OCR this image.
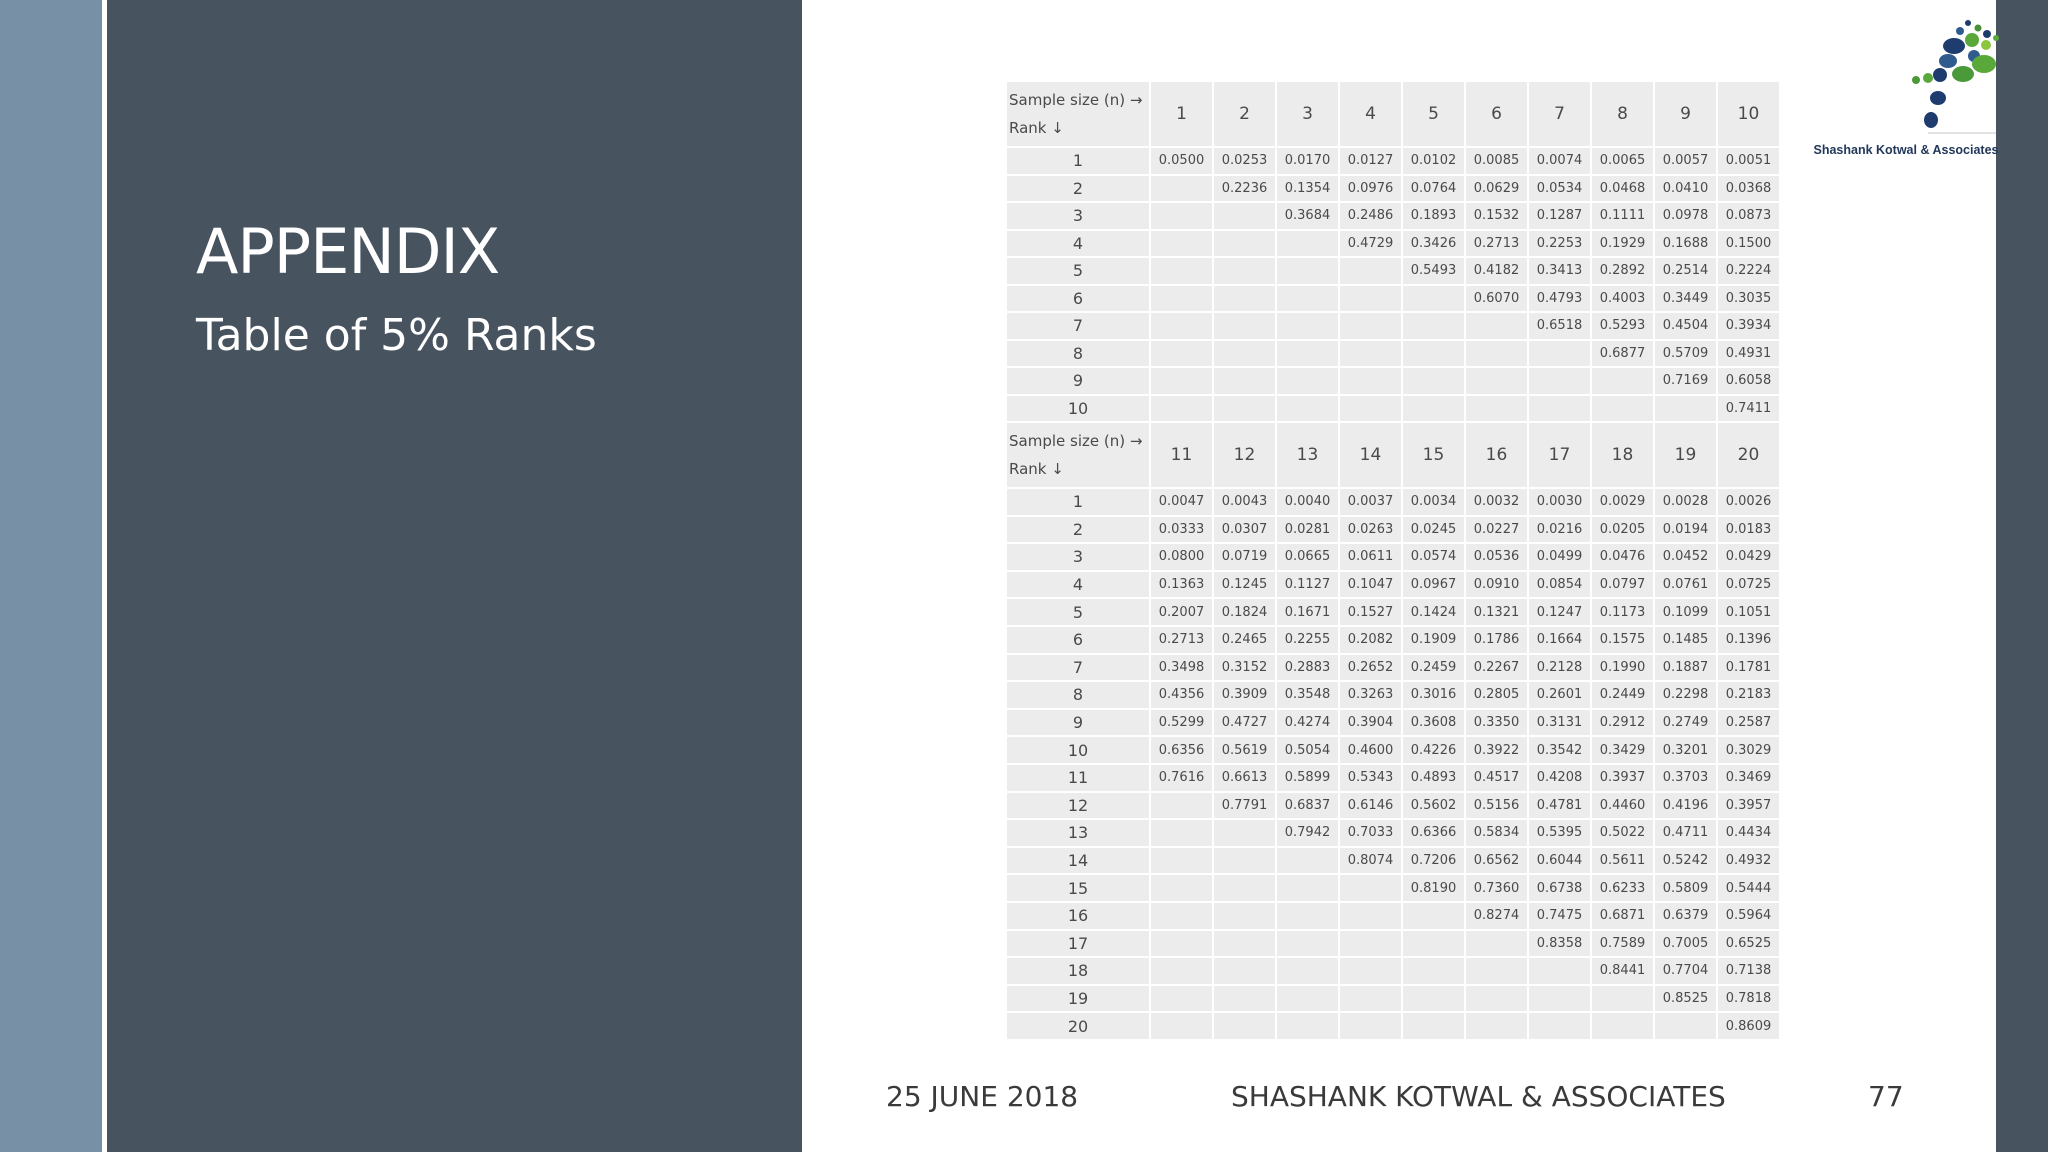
APPENDIX
Table of 5% Ranks
Shashank Kotwal & Associates
Sample size (n) →
Rank ↓	1	2	3	4	5	6	7	8	9	10
1	0.0500	0.0253	0.0170	0.0127	0.0102	0.0085	0.0074	0.0065	0.0057	0.0051
2		0.2236	0.1354	0.0976	0.0764	0.0629	0.0534	0.0468	0.0410	0.0368
3			0.3684	0.2486	0.1893	0.1532	0.1287	0.1111	0.0978	0.0873
4				0.4729	0.3426	0.2713	0.2253	0.1929	0.1688	0.1500
5					0.5493	0.4182	0.3413	0.2892	0.2514	0.2224
6						0.6070	0.4793	0.4003	0.3449	0.3035
7							0.6518	0.5293	0.4504	0.3934
8								0.6877	0.5709	0.4931
9									0.7169	0.6058
10										0.7411

Sample size (n) →
Rank ↓	11	12	13	14	15	16	17	18	19	20
1	0.0047	0.0043	0.0040	0.0037	0.0034	0.0032	0.0030	0.0029	0.0028	0.0026
2	0.0333	0.0307	0.0281	0.0263	0.0245	0.0227	0.0216	0.0205	0.0194	0.0183
3	0.0800	0.0719	0.0665	0.0611	0.0574	0.0536	0.0499	0.0476	0.0452	0.0429
4	0.1363	0.1245	0.1127	0.1047	0.0967	0.0910	0.0854	0.0797	0.0761	0.0725
5	0.2007	0.1824	0.1671	0.1527	0.1424	0.1321	0.1247	0.1173	0.1099	0.1051
6	0.2713	0.2465	0.2255	0.2082	0.1909	0.1786	0.1664	0.1575	0.1485	0.1396
7	0.3498	0.3152	0.2883	0.2652	0.2459	0.2267	0.2128	0.1990	0.1887	0.1781
8	0.4356	0.3909	0.3548	0.3263	0.3016	0.2805	0.2601	0.2449	0.2298	0.2183
9	0.5299	0.4727	0.4274	0.3904	0.3608	0.3350	0.3131	0.2912	0.2749	0.2587
10	0.6356	0.5619	0.5054	0.4600	0.4226	0.3922	0.3542	0.3429	0.3201	0.3029
11	0.7616	0.6613	0.5899	0.5343	0.4893	0.4517	0.4208	0.3937	0.3703	0.3469
12		0.7791	0.6837	0.6146	0.5602	0.5156	0.4781	0.4460	0.4196	0.3957
13			0.7942	0.7033	0.6366	0.5834	0.5395	0.5022	0.4711	0.4434
14				0.8074	0.7206	0.6562	0.6044	0.5611	0.5242	0.4932
15					0.8190	0.7360	0.6738	0.6233	0.5809	0.5444
16						0.8274	0.7475	0.6871	0.6379	0.5964
17							0.8358	0.7589	0.7005	0.6525
18								0.8441	0.7704	0.7138
19									0.8525	0.7818
20										0.8609
25 JUNE 2018	SHASHANK KOTWAL & ASSOCIATES	77
